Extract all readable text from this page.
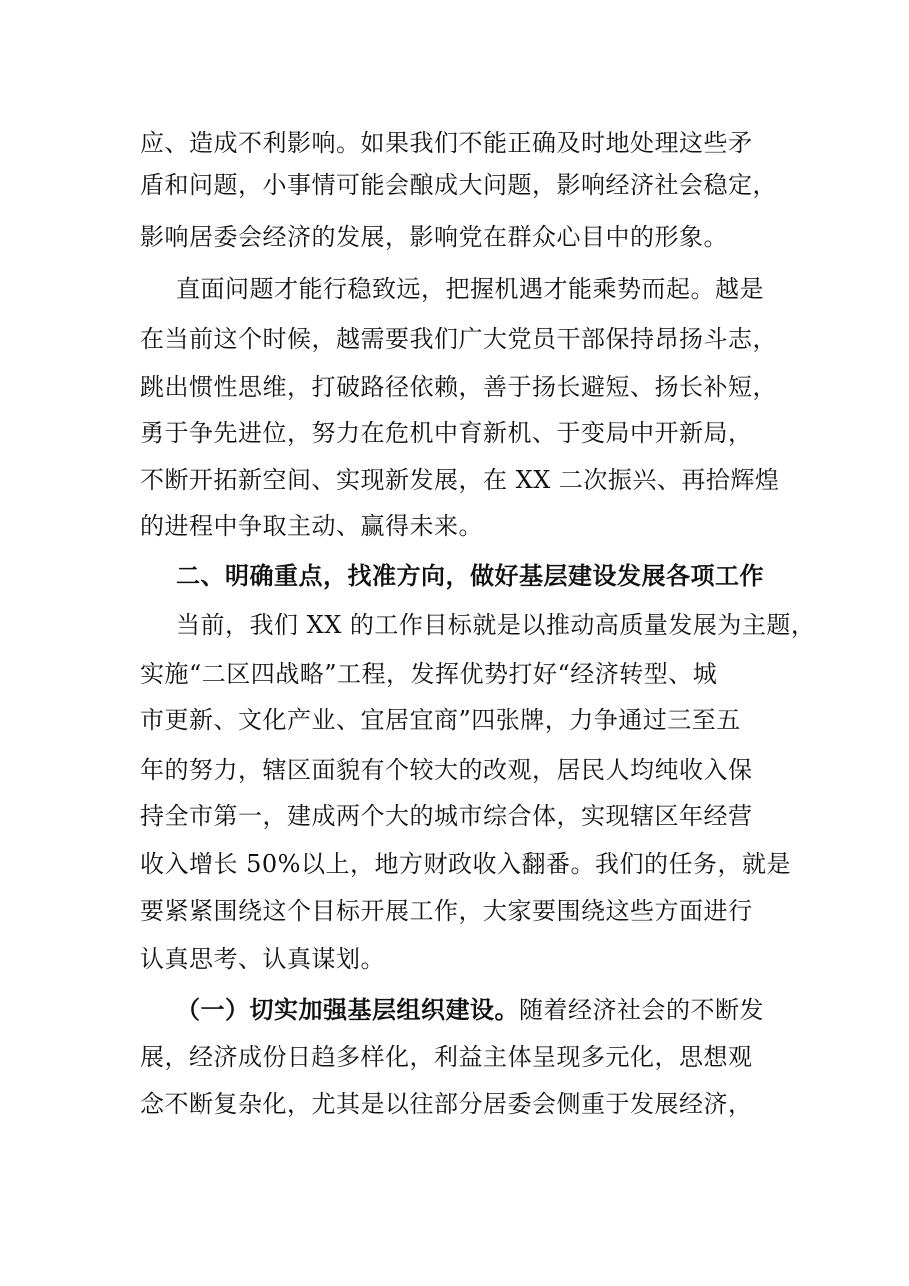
应、造成不利影响。如果我们不能正确及时地处理这些矛
盾和问题，小事情可能会酿成大问题，影响经济社会稳定，
影响居委会经济的发展，影响党在群众心目中的形象。
直面问题才能行稳致远，把握机遇才能乘势而起。越是
在当前这个时候，越需要我们广大党员干部保持昂扬斗志，
跳出惯性思维，打破路径依赖，善于扬长避短、扬长补短，
勇于争先进位，努力在危机中育新机、于变局中开新局，
不断开拓新空间、实现新发展，在 XX 二次振兴、再拾辉煌
的进程中争取主动、赢得未来。
二、明确重点，找准方向，做好基层建设发展各项工作
当前，我们 XX 的工作目标就是以推动高质量发展为主题，
实施“二区四战略”工程，发挥优势打好“经济转型、城
市更新、文化产业、宜居宜商”四张牌，力争通过三至五
年的努力，辖区面貌有个较大的改观，居民人均纯收入保
持全市第一，建成两个大的城市综合体，实现辖区年经营
收入增长 50%以上，地方财政收入翻番。我们的任务，就是
要紧紧围绕这个目标开展工作，大家要围绕这些方面进行
认真思考、认真谋划。
（一）切实加强基层组织建设。随着经济社会的不断发
展，经济成份日趋多样化，利益主体呈现多元化，思想观
念不断复杂化，尤其是以往部分居委会侧重于发展经济，
